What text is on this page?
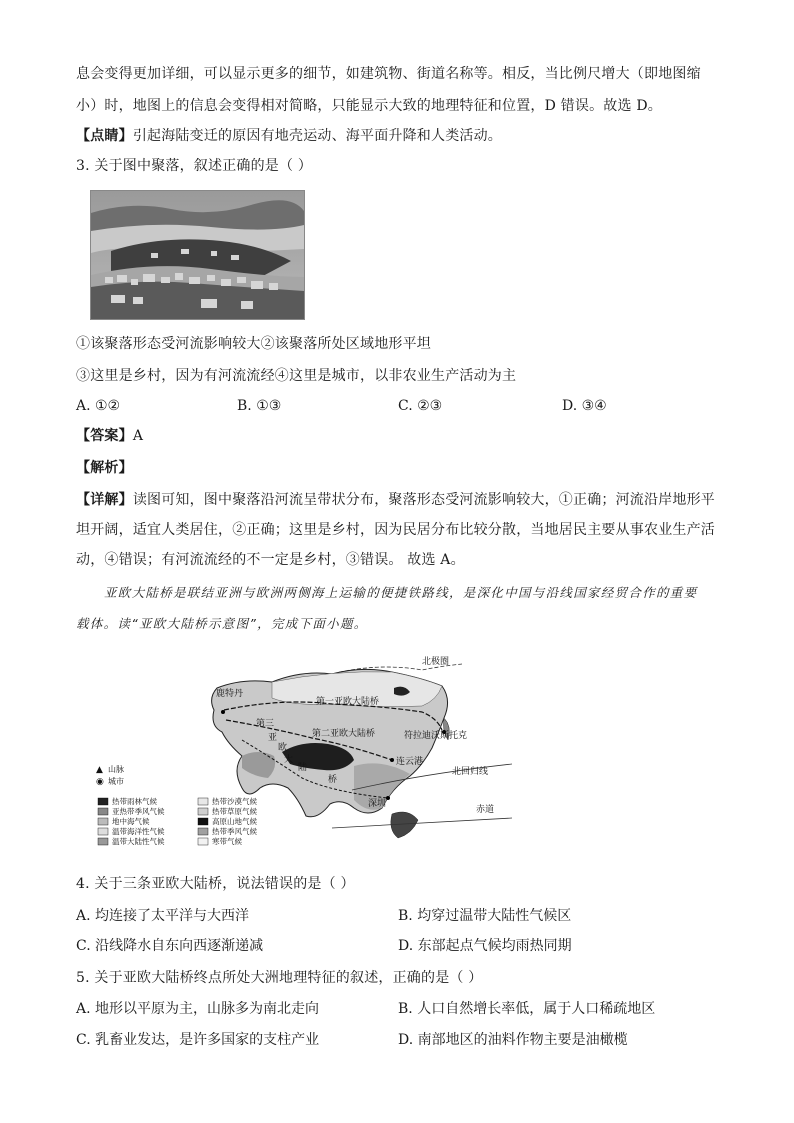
息会变得更加详细，可以显示更多的细节，如建筑物、街道名称等。相反，当比例尺增大（即地图缩
小）时，地图上的信息会变得相对简略，只能显示大致的地理特征和位置，D 错误。故选 D。
【点睛】引起海陆变迁的原因有地壳运动、海平面升降和人类活动。
3. 关于图中聚落，叙述正确的是（ ）
①该聚落形态受河流影响较大②该聚落所处区域地形平坦
③这里是乡村，因为有河流流经④这里是城市，以非农业生产活动为主
A. ①②	B. ①③	C. ②③	D. ③④
【答案】A
【解析】
【详解】读图可知，图中聚落沿河流呈带状分布，聚落形态受河流影响较大，①正确；河流沿岸地形平
坦开阔，适宜人类居住，②正确；这里是乡村，因为民居分布比较分散，当地居民主要从事农业生产活
动，④错误；有河流流经的不一定是乡村，③错误。 故选 A。
亚欧大陆桥是联结亚洲与欧洲两侧海上运输的便捷铁路线，是深化中国与沿线国家经贸合作的重要
载体。读“亚欧大陆桥示意图”，完成下面小题。
北极圈
鹿特丹
第一亚欧大陆桥
第二亚欧大陆桥
第三
亚
欧
大
陆
桥
符拉迪沃斯托克
连云港
北回归线
深圳
赤道
▲ 山脉
◉ 城市
热带雨林气候
亚热带季风气候
地中海气候
温带海洋性气候
温带大陆性气候
热带沙漠气候
热带草原气候
高原山地气候
热带季风气候
寒带气候
4. 关于三条亚欧大陆桥，说法错误的是（ ）
A. 均连接了太平洋与大西洋	B. 均穿过温带大陆性气候区
C. 沿线降水自东向西逐渐递减	D. 东部起点气候均雨热同期
5. 关于亚欧大陆桥终点所处大洲地理特征的叙述，正确的是（ ）
A. 地形以平原为主，山脉多为南北走向	B. 人口自然增长率低，属于人口稀疏地区
C. 乳畜业发达，是许多国家的支柱产业	D. 南部地区的油料作物主要是油橄榄
